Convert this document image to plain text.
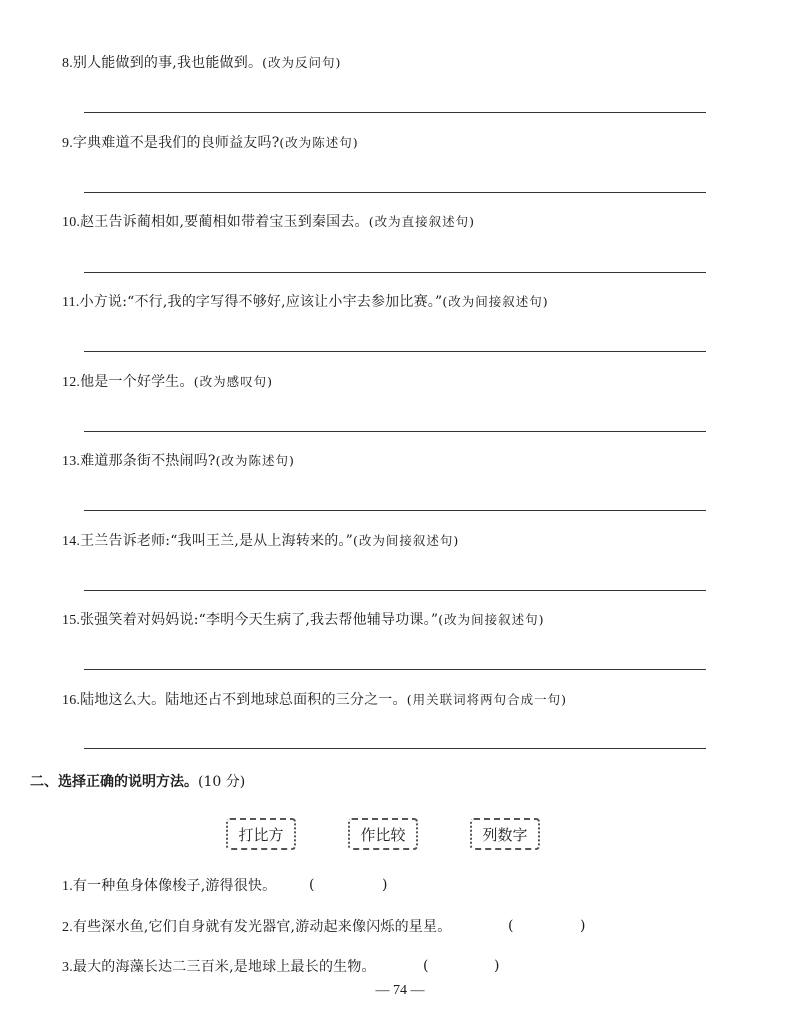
8.别人能做到的事,我也能做到。(改为反问句)
9.字典难道不是我们的良师益友吗?(改为陈述句)
10.赵王告诉蔺相如,要蔺相如带着宝玉到秦国去。(改为直接叙述句)
11.小方说:“不行,我的字写得不够好,应该让小宇去参加比赛。”(改为间接叙述句)
12.他是一个好学生。(改为感叹句)
13.难道那条街不热闹吗?(改为陈述句)
14.王兰告诉老师:“我叫王兰,是从上海转来的。”(改为间接叙述句)
15.张强笑着对妈妈说:“李明今天生病了,我去帮他辅导功课。”(改为间接叙述句)
16.陆地这么大。陆地还占不到地球总面积的三分之一。(用关联词将两句合成一句)
二、选择正确的说明方法。(10 分)
打比方	作比较	列数字
1.有一种鱼身体像梭子,游得很快。 (	)
2.有些深水鱼,它们自身就有发光器官,游动起来像闪烁的星星。	(	)
3.最大的海藻长达二三百米,是地球上最长的生物。	(	)
— 74 —
